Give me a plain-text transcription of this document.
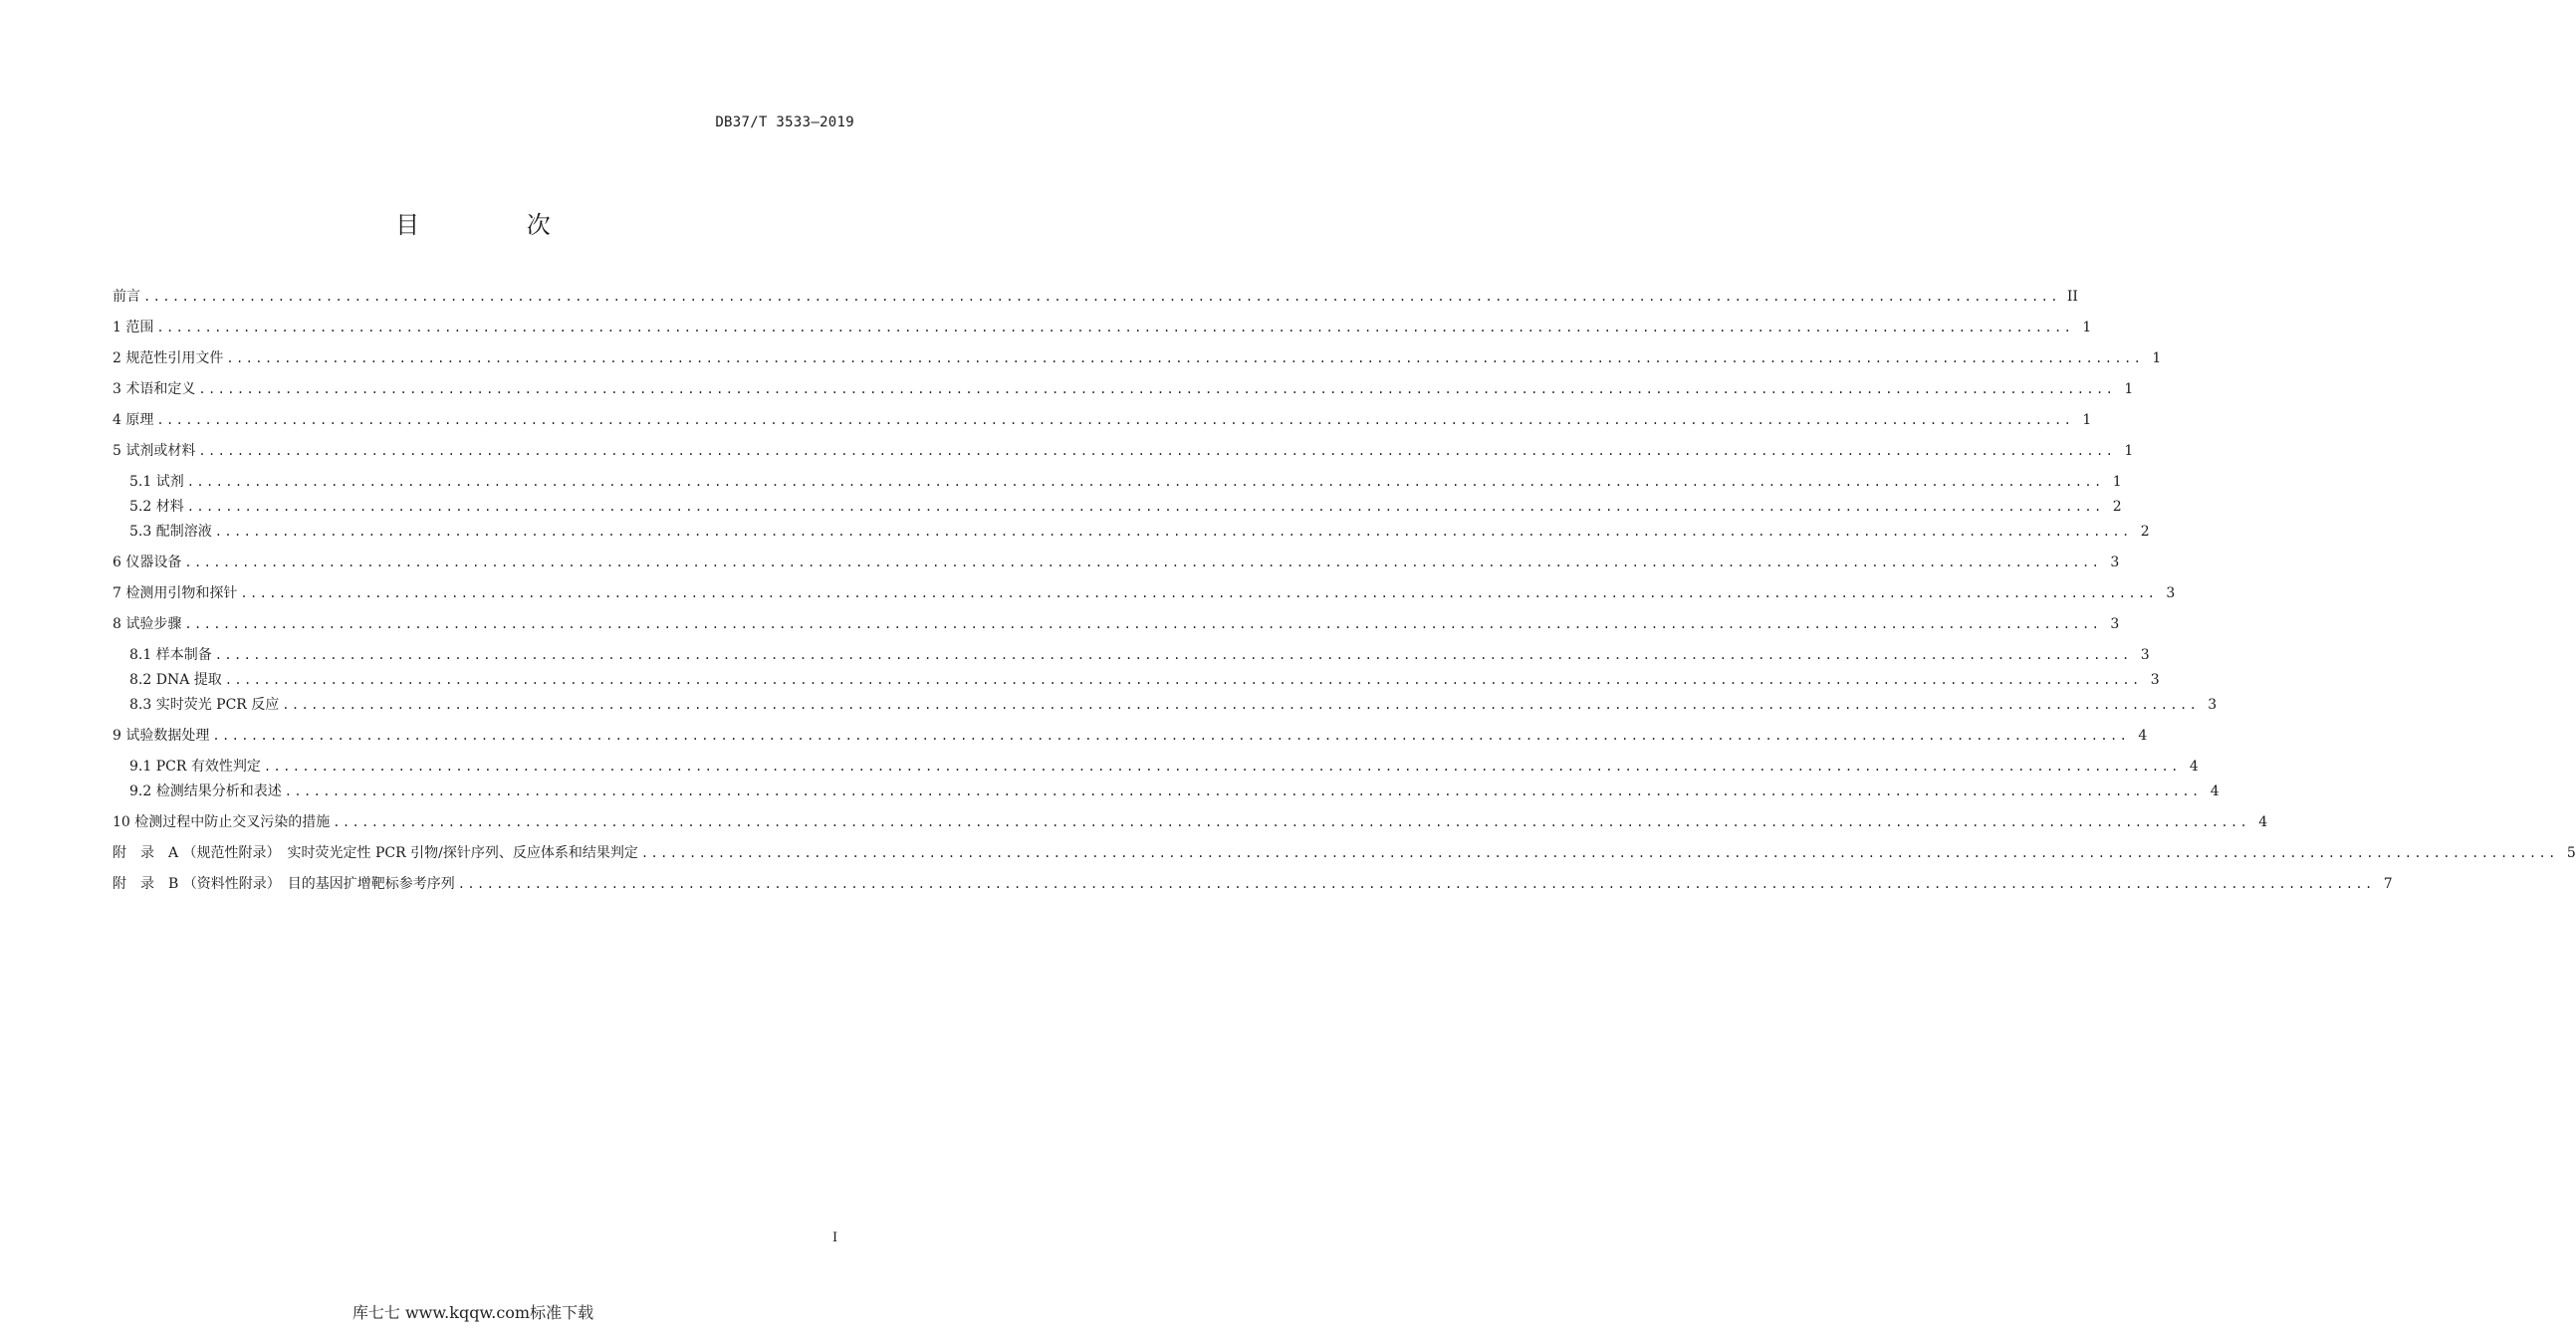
DB37/T 3533—2019
目 次
前言 ........................................................................................................................................................................................................ II
1 范围 ........................................................................................................................................................................................................ 1
2 规范性引用文件 ........................................................................................................................................................................................................ 1
3 术语和定义 ........................................................................................................................................................................................................ 1
4 原理 ........................................................................................................................................................................................................ 1
5 试剂或材料 ........................................................................................................................................................................................................ 1
5.1 试剂 ........................................................................................................................................................................................................ 1
5.2 材料 ........................................................................................................................................................................................................ 2
5.3 配制溶液 ........................................................................................................................................................................................................ 2
6 仪器设备 ........................................................................................................................................................................................................ 3
7 检测用引物和探针 ........................................................................................................................................................................................................ 3
8 试验步骤 ........................................................................................................................................................................................................ 3
8.1 样本制备 ........................................................................................................................................................................................................ 3
8.2 DNA 提取 ........................................................................................................................................................................................................ 3
8.3 实时荧光 PCR 反应 ........................................................................................................................................................................................................ 3
9 试验数据处理 ........................................................................................................................................................................................................ 4
9.1 PCR 有效性判定 ........................................................................................................................................................................................................ 4
9.2 检测结果分析和表述 ........................................................................................................................................................................................................ 4
10 检测过程中防止交叉污染的措施 ........................................................................................................................................................................................................ 4
附　录　A （规范性附录）　实时荧光定性 PCR 引物/探针序列、反应体系和结果判定 ........................................................................................................................................................................................................ 5
附　录　B （资料性附录）　目的基因扩增靶标参考序列 ........................................................................................................................................................................................................ 7
I
库七七 www.kqqw.com标准下载
